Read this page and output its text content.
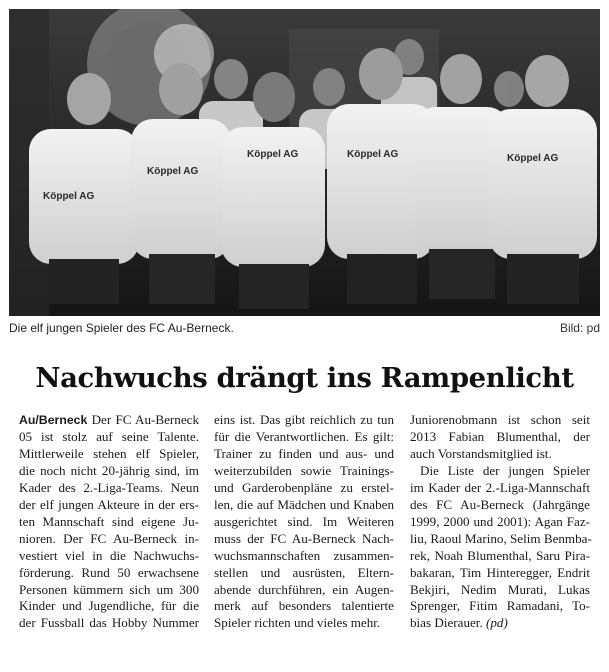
Köppel AG
Köppel AG
Köppel AG	Köppel AG	Köppel AG
Die elf jungen Spieler des FC Au-Berneck.	Bild: pd
Nachwuchs drängt ins Rampenlicht
Au/Berneck Der FC Au-Berneck
05 ist stolz auf seine Talente.
Mittlerweile stehen elf Spieler,
die noch nicht 20-jährig sind, im
Kader des 2.-Liga-Teams. Neun
der elf jungen Akteure in der ers-
ten Mannschaft sind eigene Ju-
nioren. Der FC Au-Berneck in-
vestiert viel in die Nachwuchs-
förderung. Rund 50 erwachsene
Personen kümmern sich um 300
Kinder und Jugendliche, für die
der Fussball das Hobby Nummer
eins ist. Das gibt reichlich zu tun
für die Verantwortlichen. Es gilt:
Trainer zu finden und aus- und
weiterzubilden sowie Trainings-
und Garderobenpläne zu erstel-
len, die auf Mädchen und Knaben
ausgerichtet sind. Im Weiteren
muss der FC Au-Berneck Nach-
wuchsmannschaften zusammen-
stellen und ausrüsten, Eltern-
abende durchführen, ein Augen-
merk auf besonders talentierte
Spieler richten und vieles mehr.
Juniorenobmann ist schon seit
2013 Fabian Blumenthal, der
auch Vorstandsmitglied ist.
Die Liste der jungen Spieler
im Kader der 2.-Liga-Mannschaft
des FC Au-Berneck (Jahrgänge
1999, 2000 und 2001): Agan Faz-
liu, Raoul Marino, Selim Benmba-
rek, Noah Blumenthal, Saru Pira-
bakaran, Tim Hinteregger, Endrit
Bekjiri, Nedim Murati, Lukas
Sprenger, Fitim Ramadani, To-
bias Dierauer. (pd)
